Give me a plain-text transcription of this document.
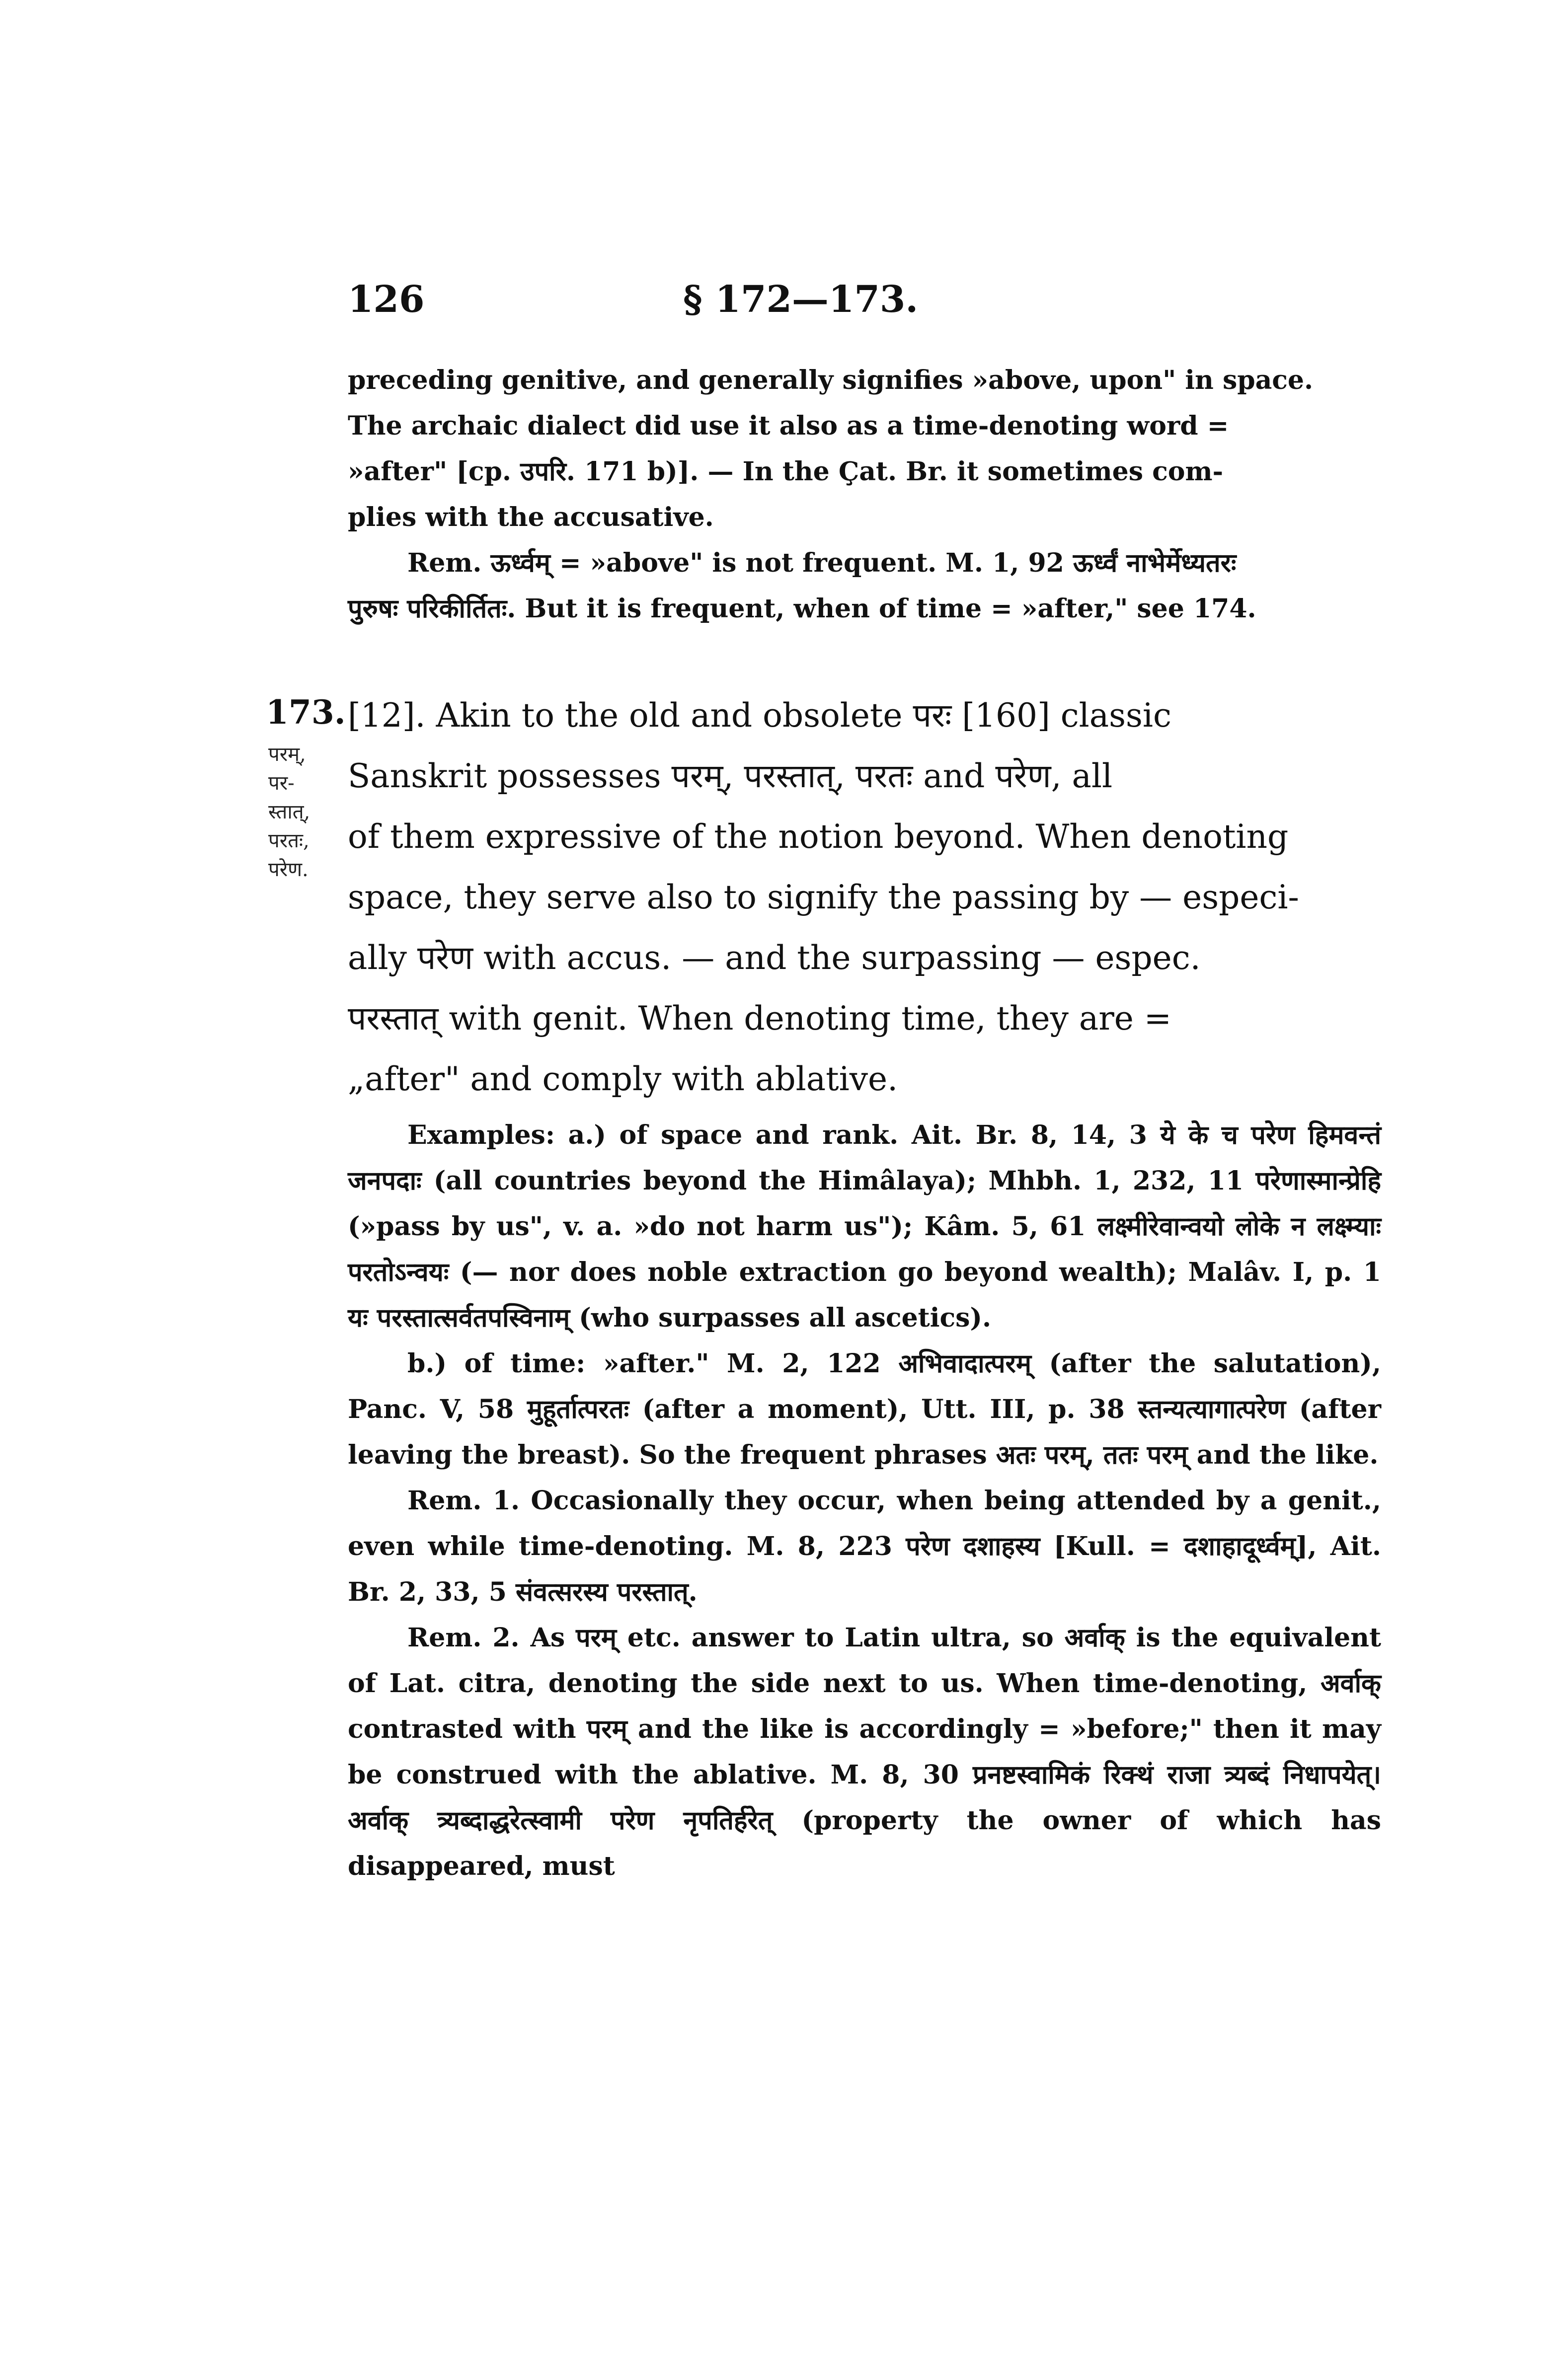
126	§ 172—173.

preceding genitive, and generally signifies »above, upon" in space.

The archaic dialect did use it also as a time-denoting word =

»after" [cp. उपरि. 171 b)]. — In the Çat. Br. it sometimes com-

plies with the accusative.

Rem. ऊर्ध्वम् = »above" is not frequent. M. 1, 92 ऊर्ध्वं नाभेर्मेध्यतरः

पुरुषः परिकीर्तितः. But it is frequent, when of time = »after," see 174.

173.
परम्,
पर-
स्तात्,
परतः,
परेण.

[12]. Akin to the old and obsolete परः [160] classic

Sanskrit possesses परम्, परस्तात्, परतः and परेण, all

of them expressive of the notion beyond. When denoting

space, they serve also to signify the passing by — especi-

ally परेण with accus. — and the surpassing — espec.

परस्तात् with genit. When denoting time, they are =

„after" and comply with ablative.

Examples: a.) of space and rank. Ait. Br. 8, 14, 3 ये के च परेण हिमवन्तं जनपदाः (all countries beyond the Himâlaya); Mhbh. 1, 232, 11 परेणास्मान्प्रेहि (»pass by us", v. a. »do not harm us"); Kâm. 5, 61 लक्ष्मीरेवान्वयो लोके न लक्ष्म्याः परतोऽन्वयः (— nor does noble extraction go beyond wealth); Malâv. I, p. 1 यः परस्तात्सर्वतपस्विनाम् (who surpasses all ascetics).

b.) of time: »after." M. 2, 122 अभिवादात्परम् (after the salutation), Panc. V, 58 मुहूर्तात्परतः (after a moment), Utt. III, p. 38 स्तन्यत्यागात्परेण (after leaving the breast). So the frequent phrases अतः परम्, ततः परम् and the like.

Rem. 1. Occasionally they occur, when being attended by a genit., even while time-denoting. M. 8, 223 परेण दशाहस्य [Kull. = दशाहादूर्ध्वम्], Ait. Br. 2, 33, 5 संवत्सरस्य परस्तात्.

Rem. 2. As परम् etc. answer to Latin ultra, so अर्वाक् is the equivalent of Lat. citra, denoting the side next to us. When time-denoting, अर्वाक् contrasted with परम् and the like is accordingly = »before;" then it may be construed with the ablative. M. 8, 30 प्रनष्टस्वामिकं रिक्थं राजा त्र्यब्दं निधापयेत्। अर्वाक् त्र्यब्दाद्धरेत्स्वामी परेण नृपतिर्हरेत् (property the owner of which has disappeared, must
